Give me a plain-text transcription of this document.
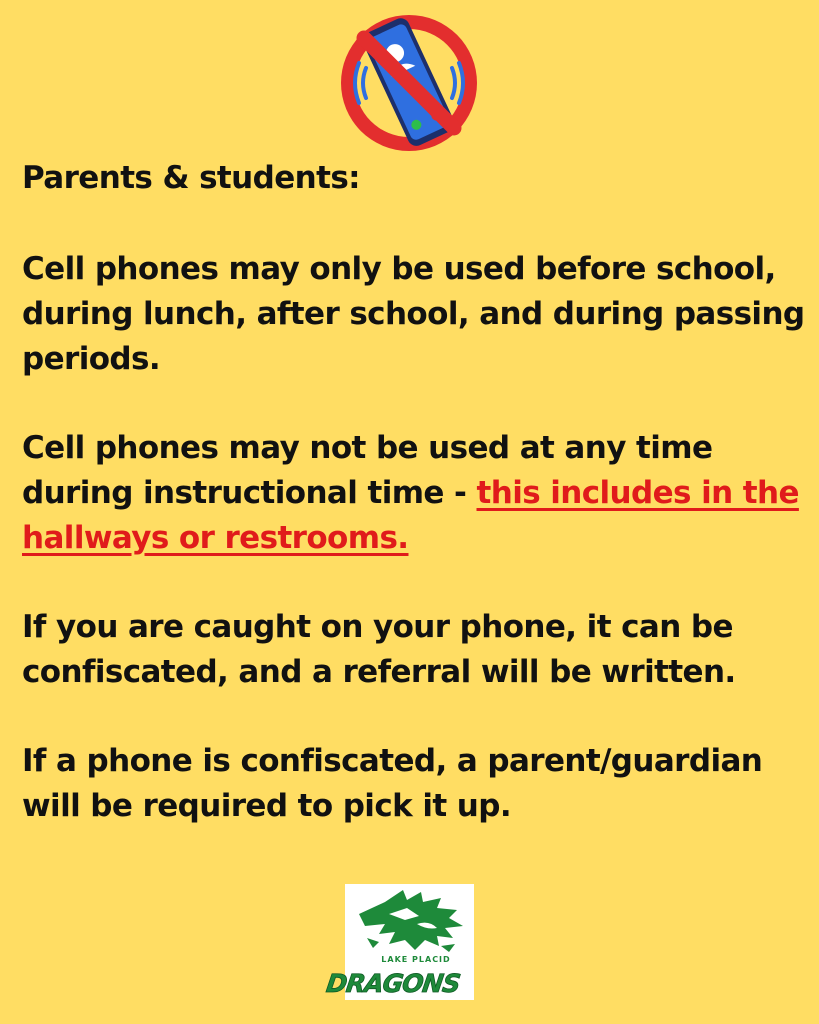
Parents & students:

Cell phones may only be used before school, during lunch, after school, and during passing periods.

Cell phones may not be used at any time during instructional time - this includes in the hallways or restrooms.

If you are caught on your phone, it can be confiscated, and a referral will be written.

If a phone is confiscated, a parent/guardian will be required to pick it up.

LAKE PLACID
DRAGONS
